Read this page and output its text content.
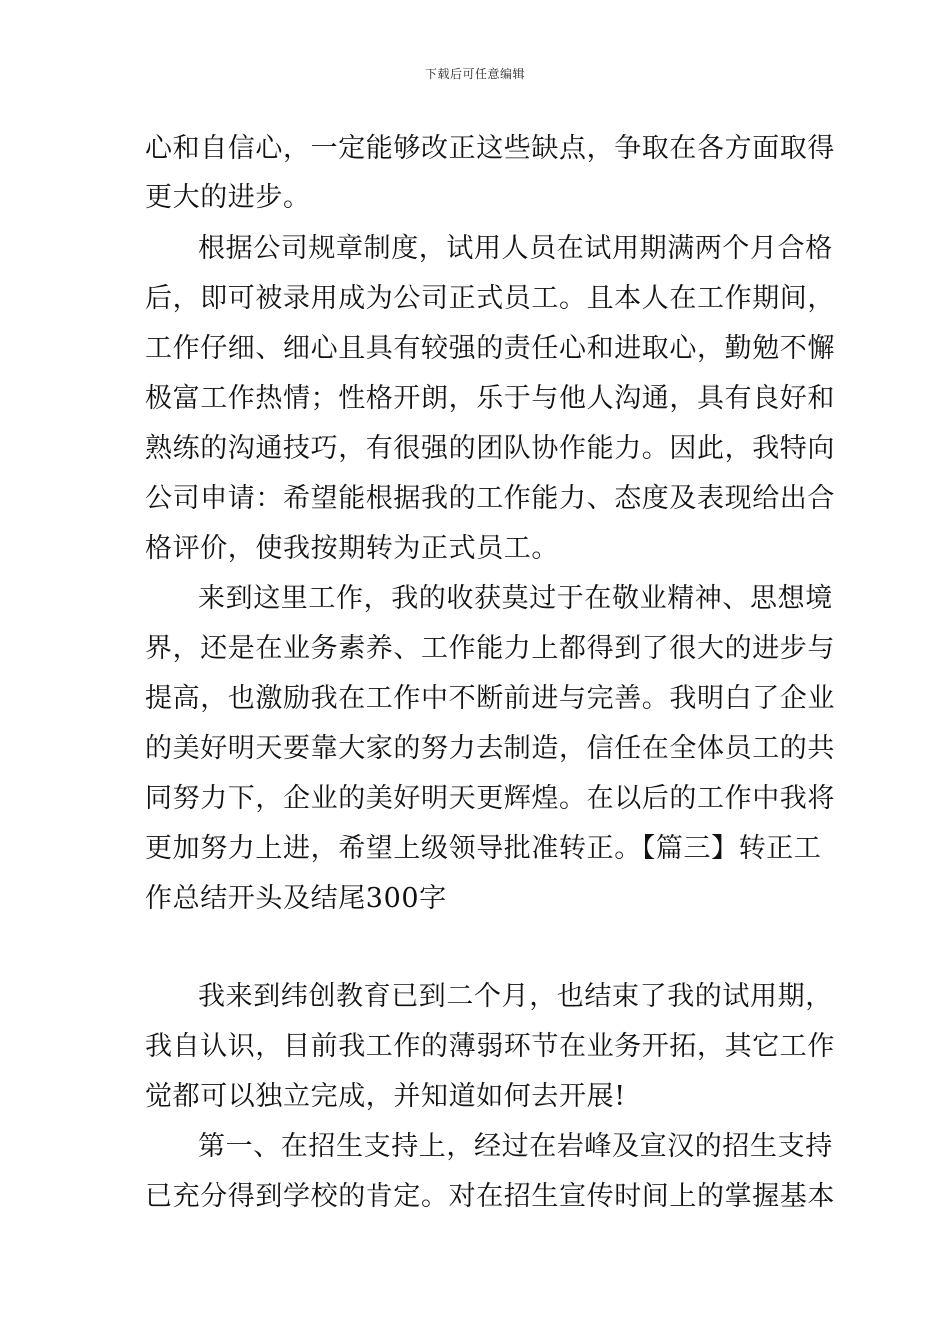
下载后可任意编辑
心和自信心，一定能够改正这些缺点，争取在各方面取得
更大的进步。
根据公司规章制度，试用人员在试用期满两个月合格
后，即可被录用成为公司正式员工。且本人在工作期间，
工作仔细、细心且具有较强的责任心和进取心，勤勉不懈
极富工作热情；性格开朗，乐于与他人沟通，具有良好和
熟练的沟通技巧，有很强的团队协作能力。因此，我特向
公司申请：希望能根据我的工作能力、态度及表现给出合
格评价，使我按期转为正式员工。
来到这里工作，我的收获莫过于在敬业精神、思想境
界，还是在业务素养、工作能力上都得到了很大的进步与
提高，也激励我在工作中不断前进与完善。我明白了企业
的美好明天要靠大家的努力去制造，信任在全体员工的共
同努力下，企业的美好明天更辉煌。在以后的工作中我将
更加努力上进，希望上级领导批准转正。【篇三】转正工
作总结开头及结尾300字
我来到纬创教育已到二个月，也结束了我的试用期，
我自认识，目前我工作的薄弱环节在业务开拓，其它工作
觉都可以独立完成，并知道如何去开展!
第一、在招生支持上，经过在岩峰及宣汉的招生支持
已充分得到学校的肯定。对在招生宣传时间上的掌握基本
